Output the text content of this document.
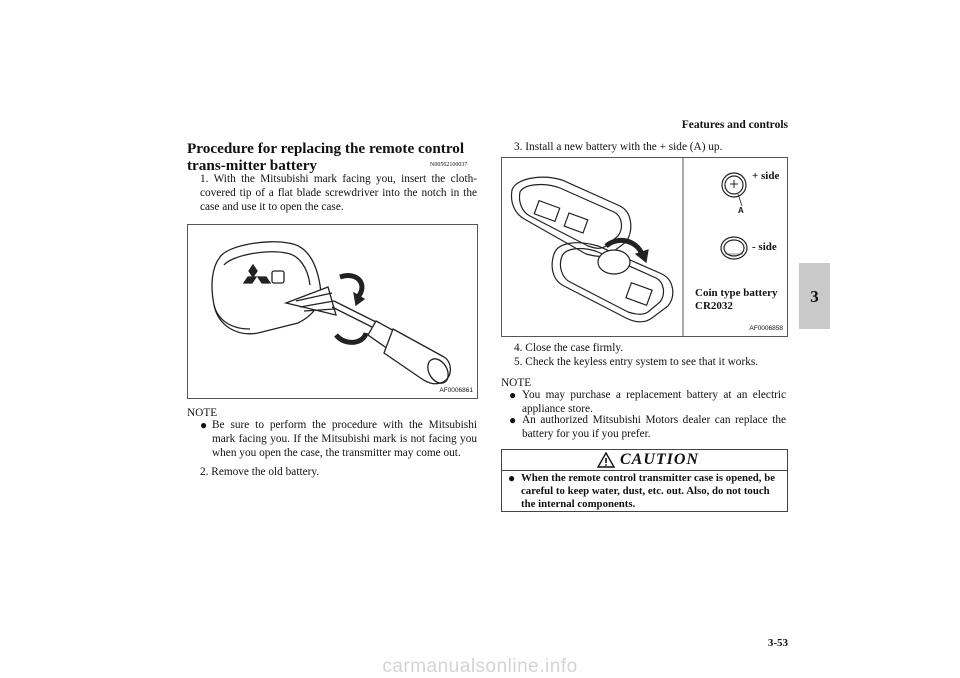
Features and controls
3
Procedure for replacing the remote control trans-mitter battery	N00562100037
1. With the Mitsubishi mark facing you, insert the cloth-covered tip of a flat blade screwdriver into the notch in the case and use it to open the case.
AF0006861
NOTE
● Be sure to perform the procedure with the Mitsubishi mark facing you. If the Mitsubishi mark is not facing you when you open the case, the transmitter may come out.
2. Remove the old battery.
3. Install a new battery with the + side (A) up.
+ side
A
- side
Coin type battery
CR2032
AF0006858
4. Close the case firmly.
5. Check the keyless entry system to see that it works.
NOTE
● You may purchase a replacement battery at an electric appliance store.
● An authorized Mitsubishi Motors dealer can replace the battery for you if you prefer.
CAUTION
● When the remote control transmitter case is opened, be careful to keep water, dust, etc. out. Also, do not touch the internal components.
3-53
carmanualsonline.info
